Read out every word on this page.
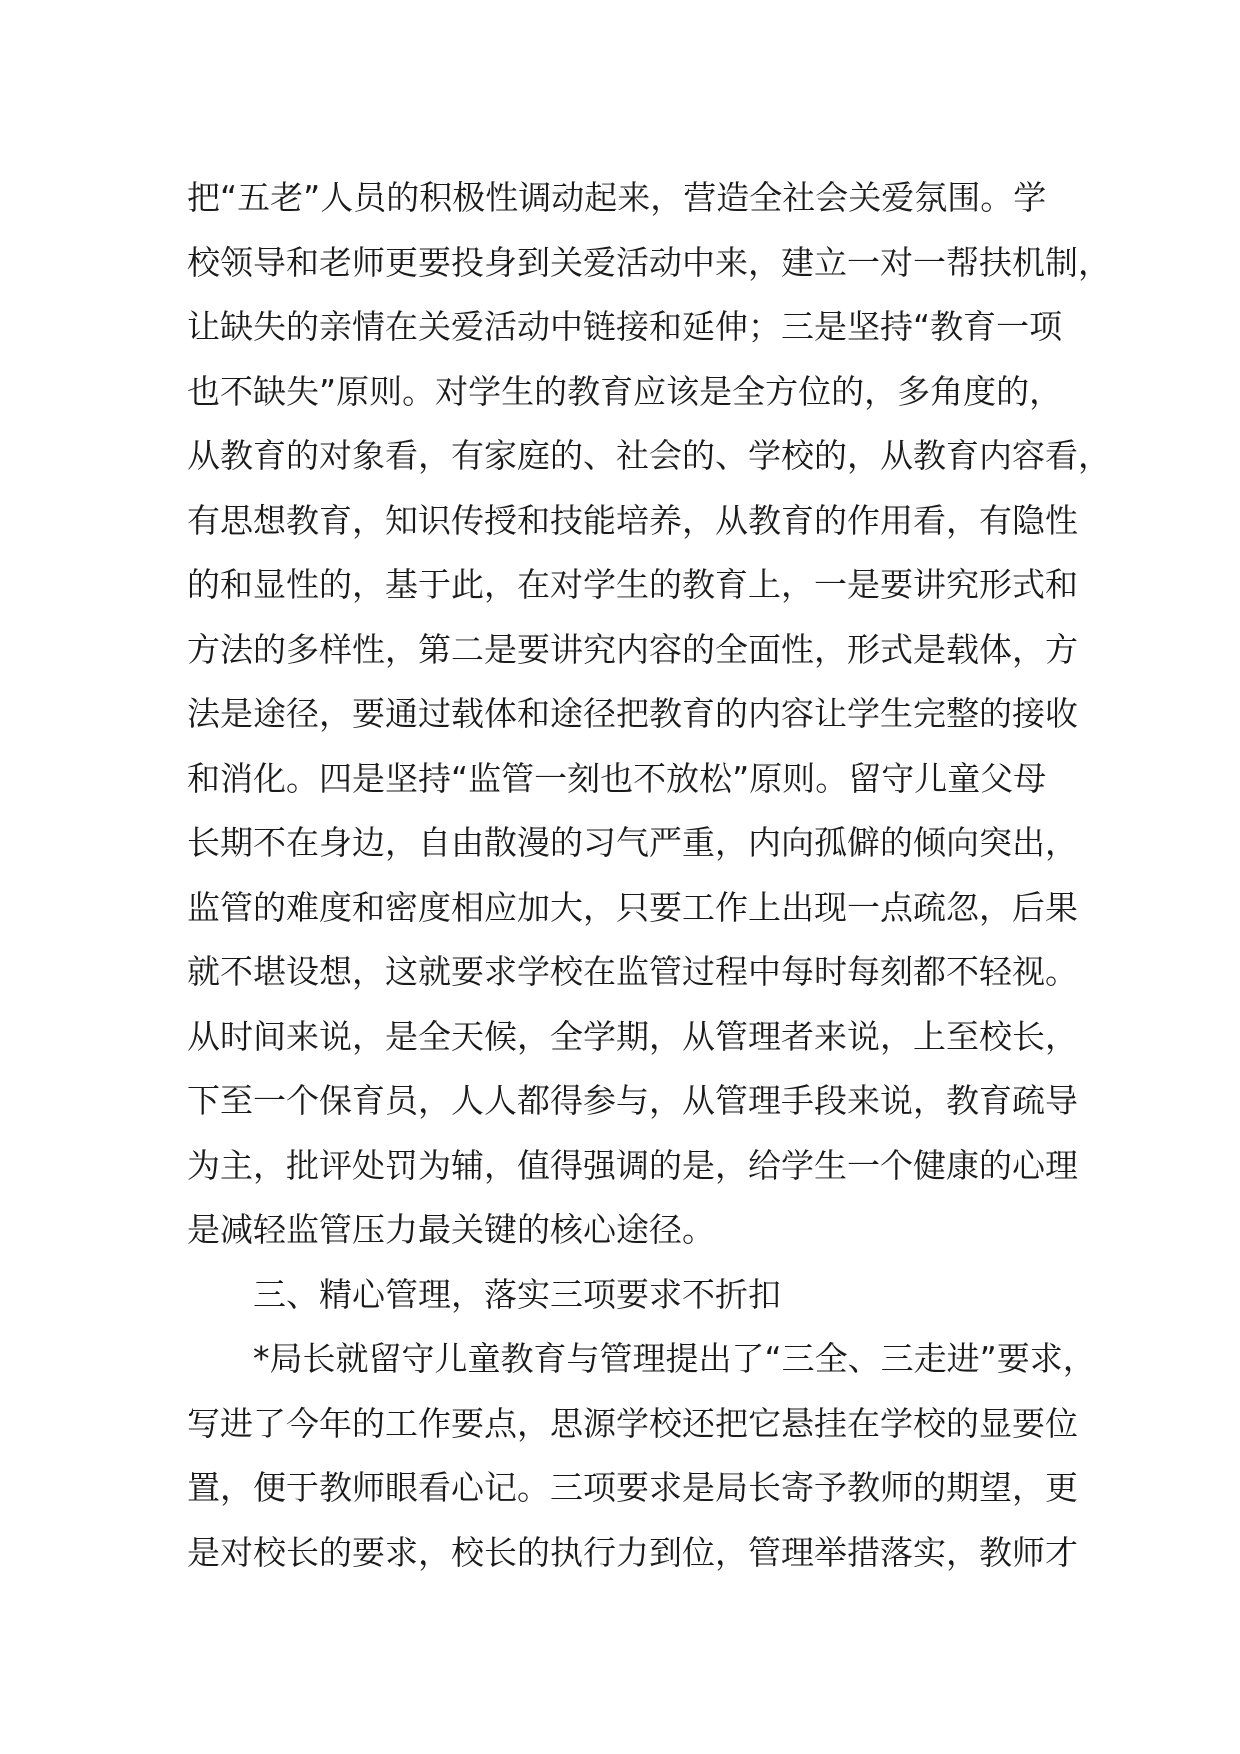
把“五老”人员的积极性调动起来，营造全社会关爱氛围。学
校领导和老师更要投身到关爱活动中来，建立一对一帮扶机制，
让缺失的亲情在关爱活动中链接和延伸；三是坚持“教育一项
也不缺失”原则。对学生的教育应该是全方位的，多角度的，
从教育的对象看，有家庭的、社会的、学校的，从教育内容看，
有思想教育，知识传授和技能培养，从教育的作用看，有隐性
的和显性的，基于此，在对学生的教育上，一是要讲究形式和
方法的多样性，第二是要讲究内容的全面性，形式是载体，方
法是途径，要通过载体和途径把教育的内容让学生完整的接收
和消化。四是坚持“监管一刻也不放松”原则。留守儿童父母
长期不在身边，自由散漫的习气严重，内向孤僻的倾向突出，
监管的难度和密度相应加大，只要工作上出现一点疏忽，后果
就不堪设想，这就要求学校在监管过程中每时每刻都不轻视。
从时间来说，是全天候，全学期，从管理者来说，上至校长，
下至一个保育员，人人都得参与，从管理手段来说，教育疏导
为主，批评处罚为辅，值得强调的是，给学生一个健康的心理
是减轻监管压力最关键的核心途径。
三、精心管理，落实三项要求不折扣
*局长就留守儿童教育与管理提出了“三全、三走进”要求，
写进了今年的工作要点，思源学校还把它悬挂在学校的显要位
置，便于教师眼看心记。三项要求是局长寄予教师的期望，更
是对校长的要求，校长的执行力到位，管理举措落实，教师才
